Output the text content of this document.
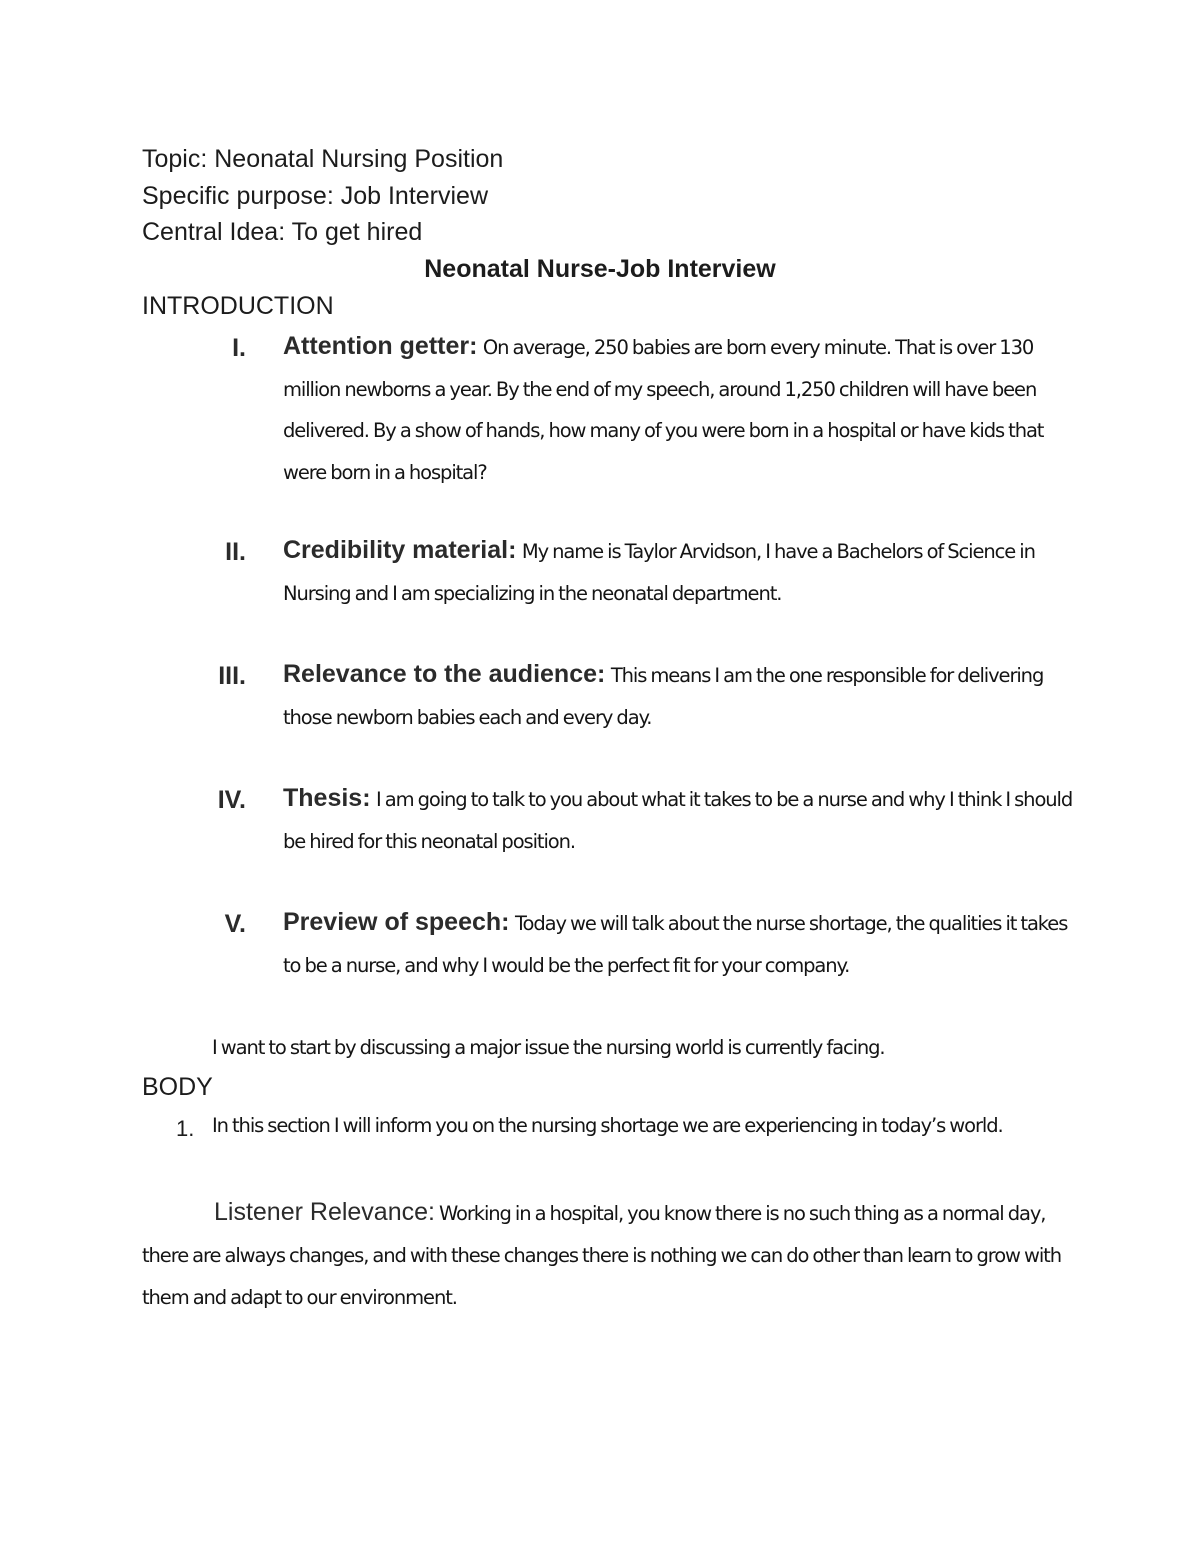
Topic: Neonatal Nursing Position
Specific purpose: Job Interview
Central Idea: To get hired
Neonatal Nurse-Job Interview
INTRODUCTION
I. Attention getter: On average, 250 babies are born every minute. That is over 130 million newborns a year. By the end of my speech, around 1,250 children will have been delivered. By a show of hands, how many of you were born in a hospital or have kids that were born in a hospital?
II. Credibility material: My name is Taylor Arvidson, I have a Bachelors of Science in Nursing and I am specializing in the neonatal department.
III. Relevance to the audience: This means I am the one responsible for delivering those newborn babies each and every day.
IV. Thesis: I am going to talk to you about what it takes to be a nurse and why I think I should be hired for this neonatal position.
V. Preview of speech: Today we will talk about the nurse shortage, the qualities it takes to be a nurse, and why I would be the perfect fit for your company.
I want to start by discussing a major issue the nursing world is currently facing.
BODY
1. In this section I will inform you on the nursing shortage we are experiencing in today’s world.
Listener Relevance: Working in a hospital, you know there is no such thing as a normal day, there are always changes, and with these changes there is nothing we can do other than learn to grow with them and adapt to our environment.
